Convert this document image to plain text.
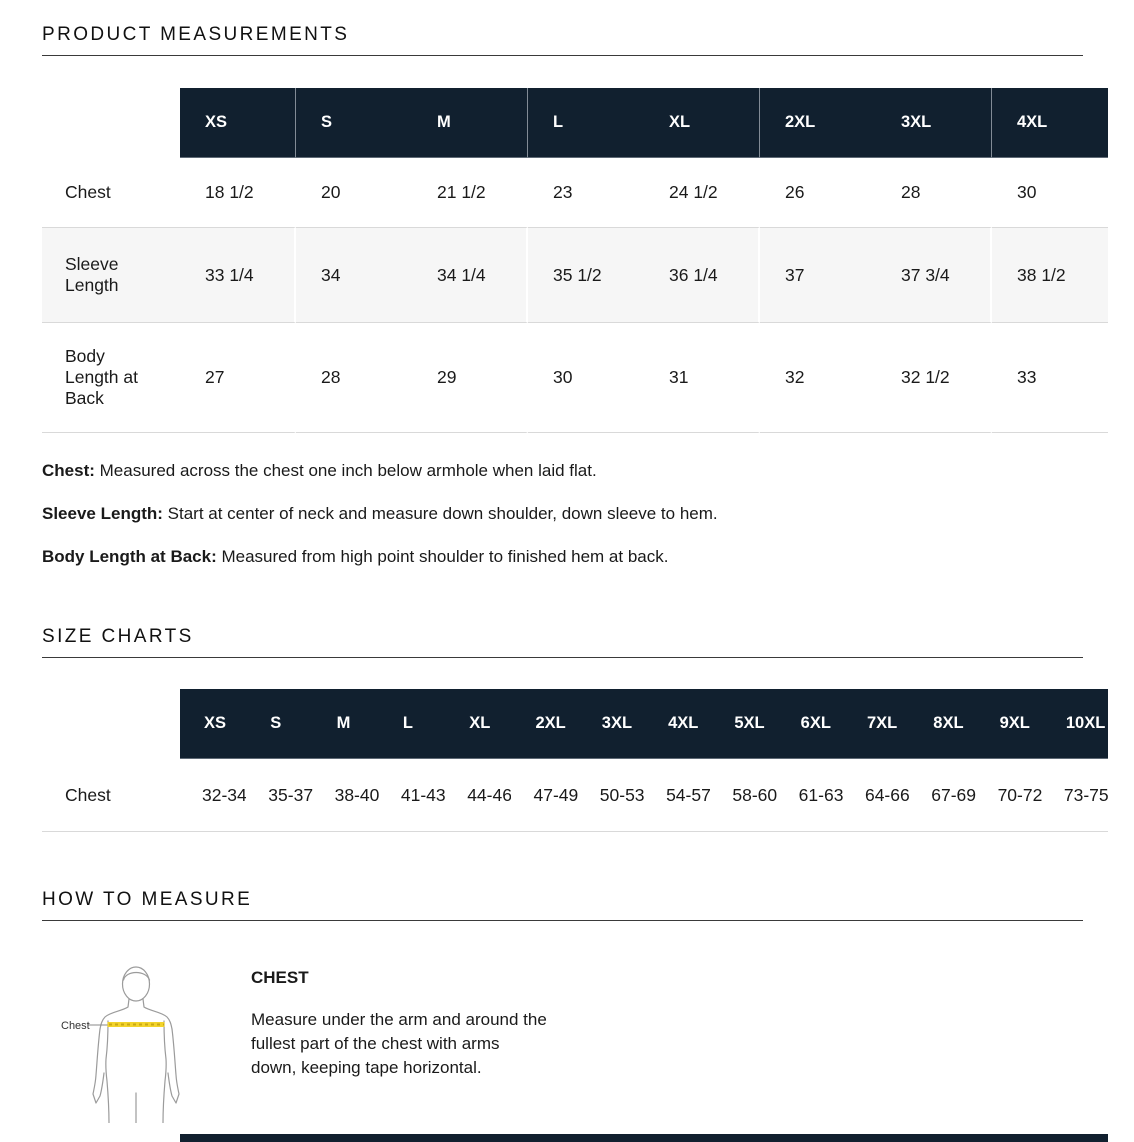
PRODUCT MEASUREMENTS
	XS	S	M	L	XL	2XL	3XL	4XL
Chest	18 1/2	20	21 1/2	23	24 1/2	26	28	30
Sleeve Length	33 1/4	34	34 1/4	35 1/2	36 1/4	37	37 3/4	38 1/2
Body Length at Back	27	28	29	30	31	32	32 1/2	33

Chest: Measured across the chest one inch below armhole when laid flat.

Sleeve Length: Start at center of neck and measure down shoulder, down sleeve to hem.

Body Length at Back: Measured from high point shoulder to finished hem at back.

SIZE CHARTS
	XS	S	M	L	XL	2XL	3XL	4XL	5XL	6XL	7XL	8XL	9XL	10XL
Chest	32-34	35-37	38-40	41-43	44-46	47-49	50-53	54-57	58-60	61-63	64-66	67-69	70-72	73-75
HOW TO MEASURE
Chest

CHEST

Measure under the arm and around the fullest part of the chest with arms down, keeping tape horizontal.
